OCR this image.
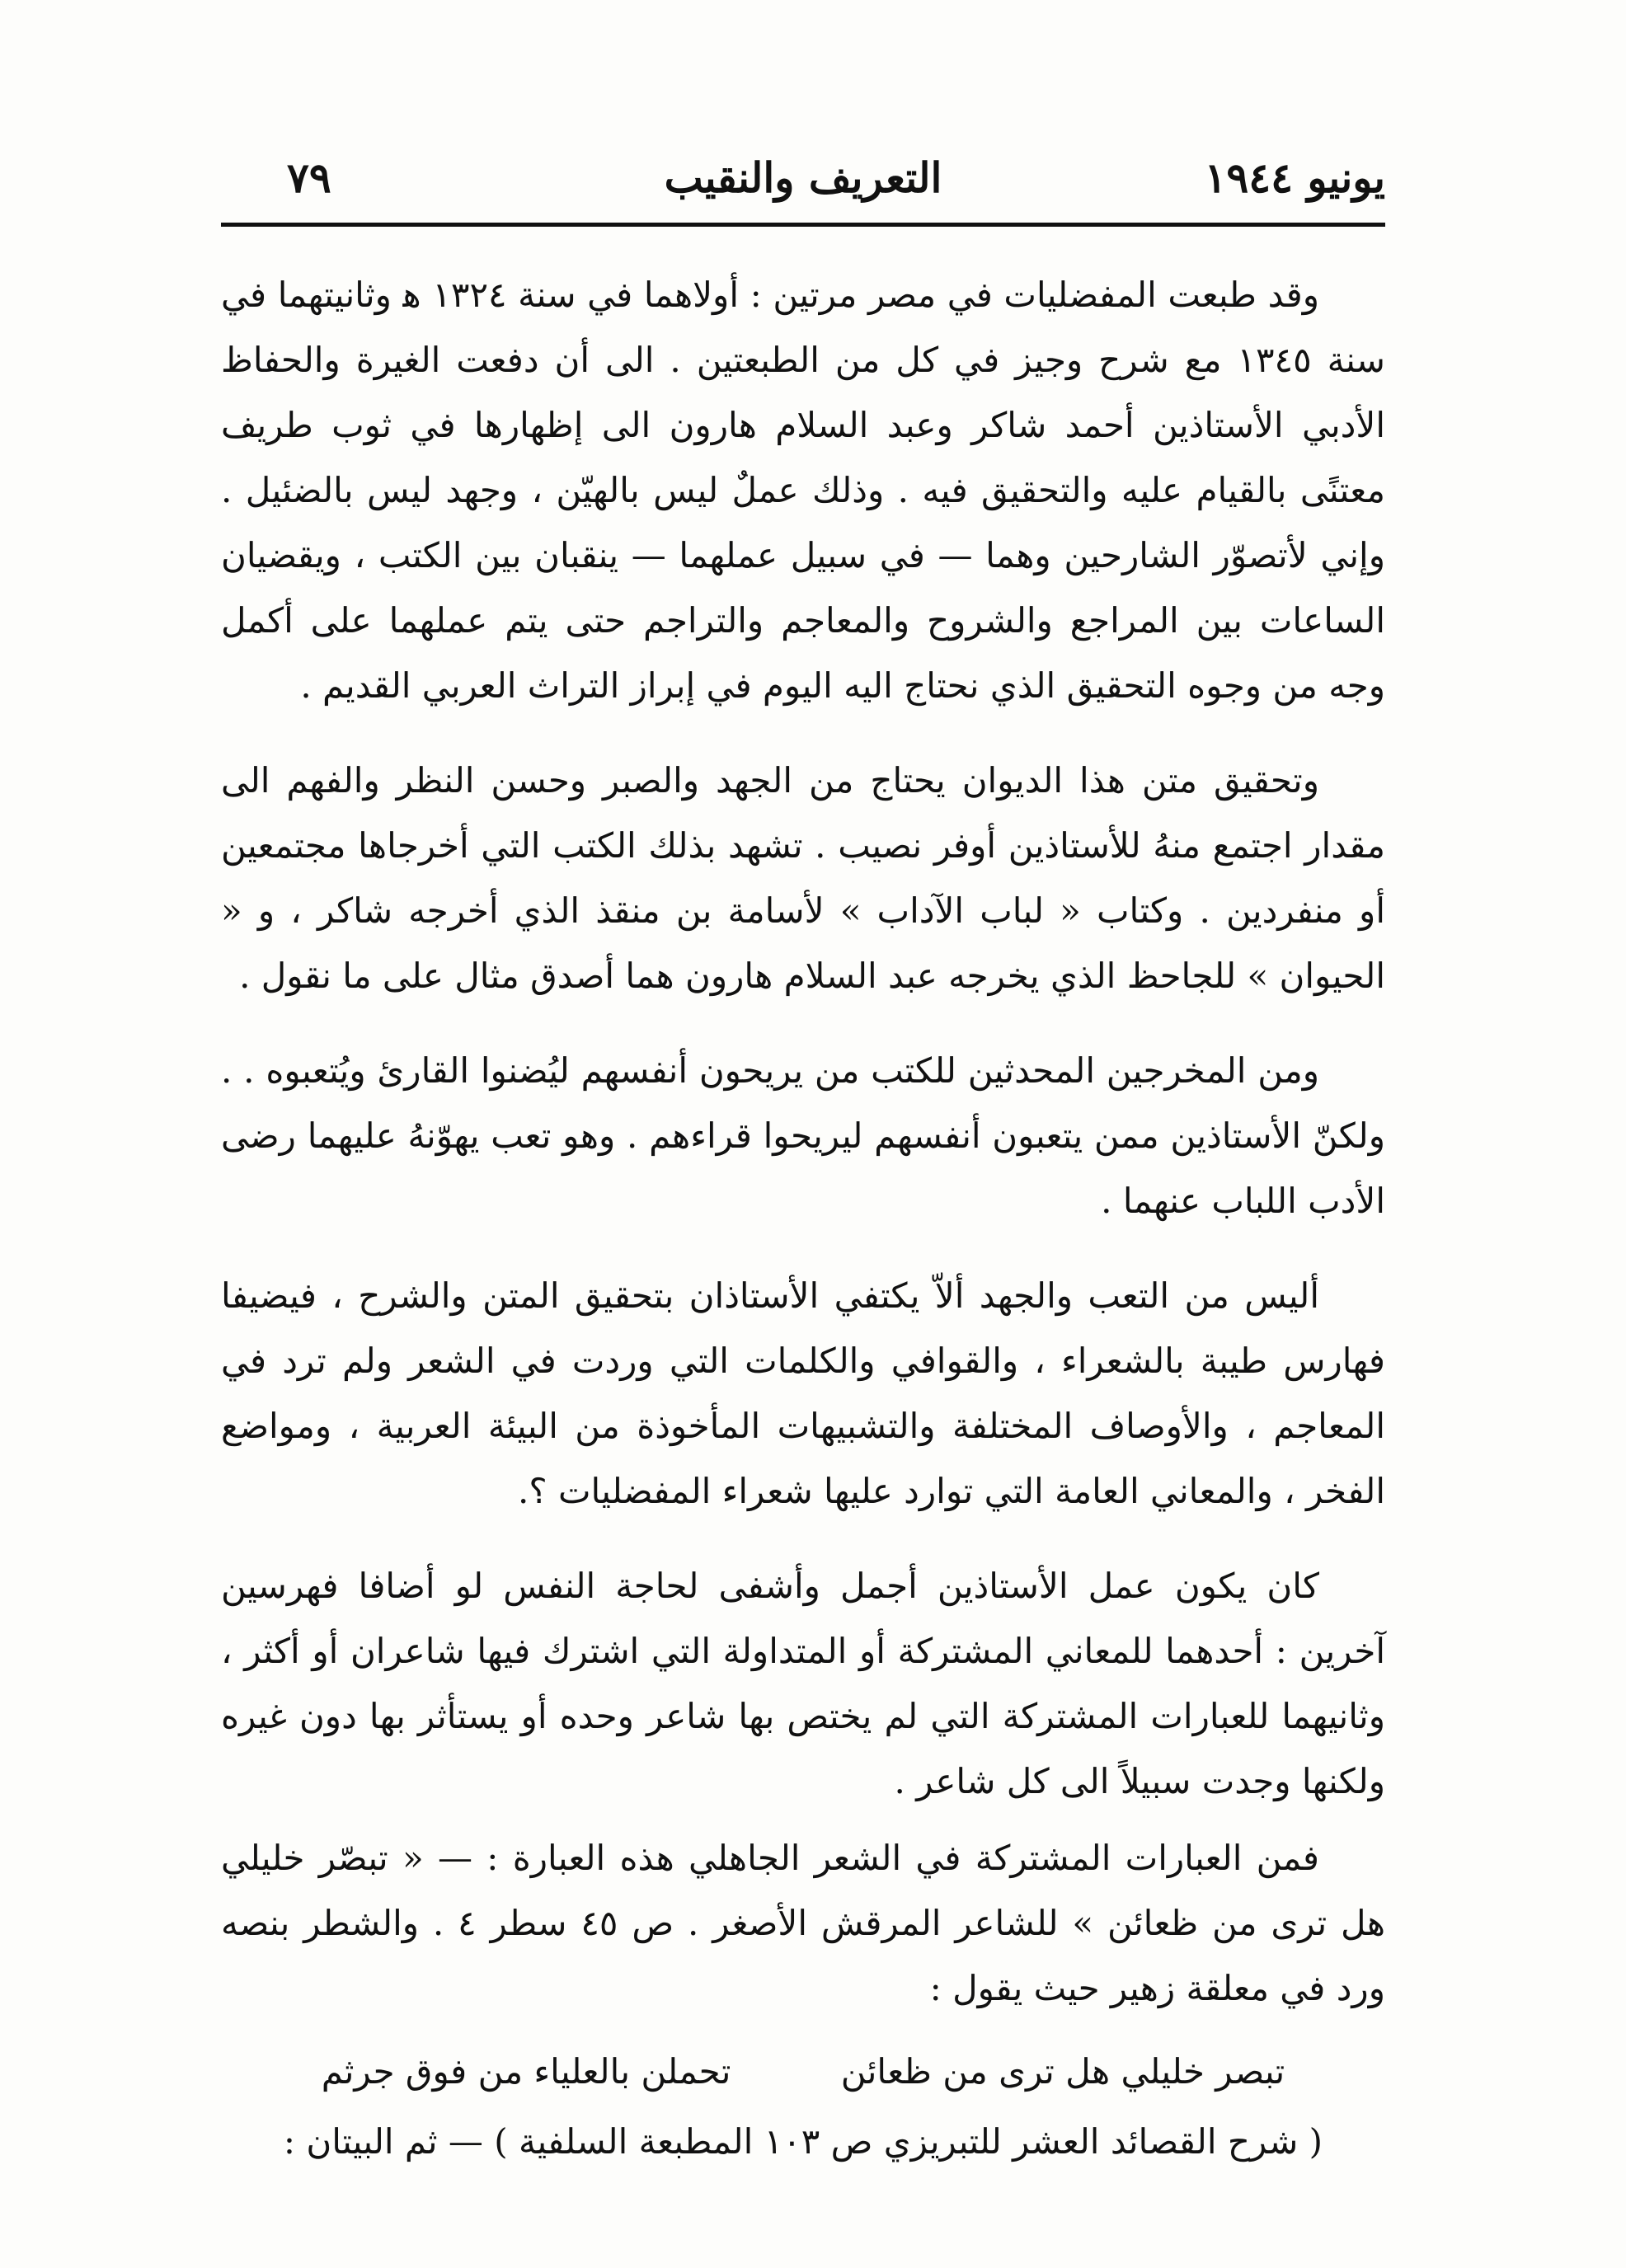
يونيو ١٩٤٤
التعريف والنقيب
٧٩

وقد طبعت المفضليات في مصر مرتين : أولاهما في سنة ١٣٢٤ ﻫ وثانيتهما في سنة ١٣٤٥ مع شرح وجيز في كل من الطبعتين . الى أن دفعت الغيرة والحفاظ الأدبي الأستاذين أحمد شاكر وعبد السلام هارون الى إظهارها في ثوب طريف معتنًى بالقيام عليه والتحقيق فيه . وذلك عملٌ ليس بالهيّن ، وجهد ليس بالضئيل . وإني لأتصوّر الشارحين وهما — في سبيل عملهما — ينقبان بين الكتب ، ويقضيان الساعات بين المراجع والشروح والمعاجم والتراجم حتى يتم عملهما على أكمل وجه من وجوه التحقيق الذي نحتاج اليه اليوم في إبراز التراث العربي القديم .

وتحقيق متن هذا الديوان يحتاج من الجهد والصبر وحسن النظر والفهم الى مقدار اجتمع منهُ للأستاذين أوفر نصيب . تشهد بذلك الكتب التي أخرجاها مجتمعين أو منفردين . وكتاب « لباب الآداب » لأسامة بن منقذ الذي أخرجه شاكر ، و « الحيوان » للجاحظ الذي يخرجه عبد السلام هارون هما أصدق مثال على ما نقول .

ومن المخرجين المحدثين للكتب من يريحون أنفسهم ليُضنوا القارئ ويُتعبوه . . ولكنّ الأستاذين ممن يتعبون أنفسهم ليريحوا قراءهم . وهو تعب يهوّنهُ عليهما رضى الأدب اللباب عنهما .

أليس من التعب والجهد ألاّ يكتفي الأستاذان بتحقيق المتن والشرح ، فيضيفا فهارس طيبة بالشعراء ، والقوافي والكلمات التي وردت في الشعر ولم ترد في المعاجم ، والأوصاف المختلفة والتشبيهات المأخوذة من البيئة العربية ، ومواضع الفخر ، والمعاني العامة التي توارد عليها شعراء المفضليات ؟.

كان يكون عمل الأستاذين أجمل وأشفى لحاجة النفس لو أضافا فهرسين آخرين : أحدهما للمعاني المشتركة أو المتداولة التي اشترك فيها شاعران أو أكثر ، وثانيهما للعبارات المشتركة التي لم يختص بها شاعر وحده أو يستأثر بها دون غيره ولكنها وجدت سبيلاً الى كل شاعر .

فمن العبارات المشتركة في الشعر الجاهلي هذه العبارة : — « تبصّر خليلي هل ترى من ظعائن » للشاعر المرقش الأصغر . ص ٤٥ سطر ٤ . والشطر بنصه ورد في معلقة زهير حيث يقول :

تبصر خليلي هل ترى من ظعائن تحملن بالعلياء من فوق جرثم
( شرح القصائد العشر للتبريزي ص ١٠٣ المطبعة السلفية ) — ثم البيتان :
